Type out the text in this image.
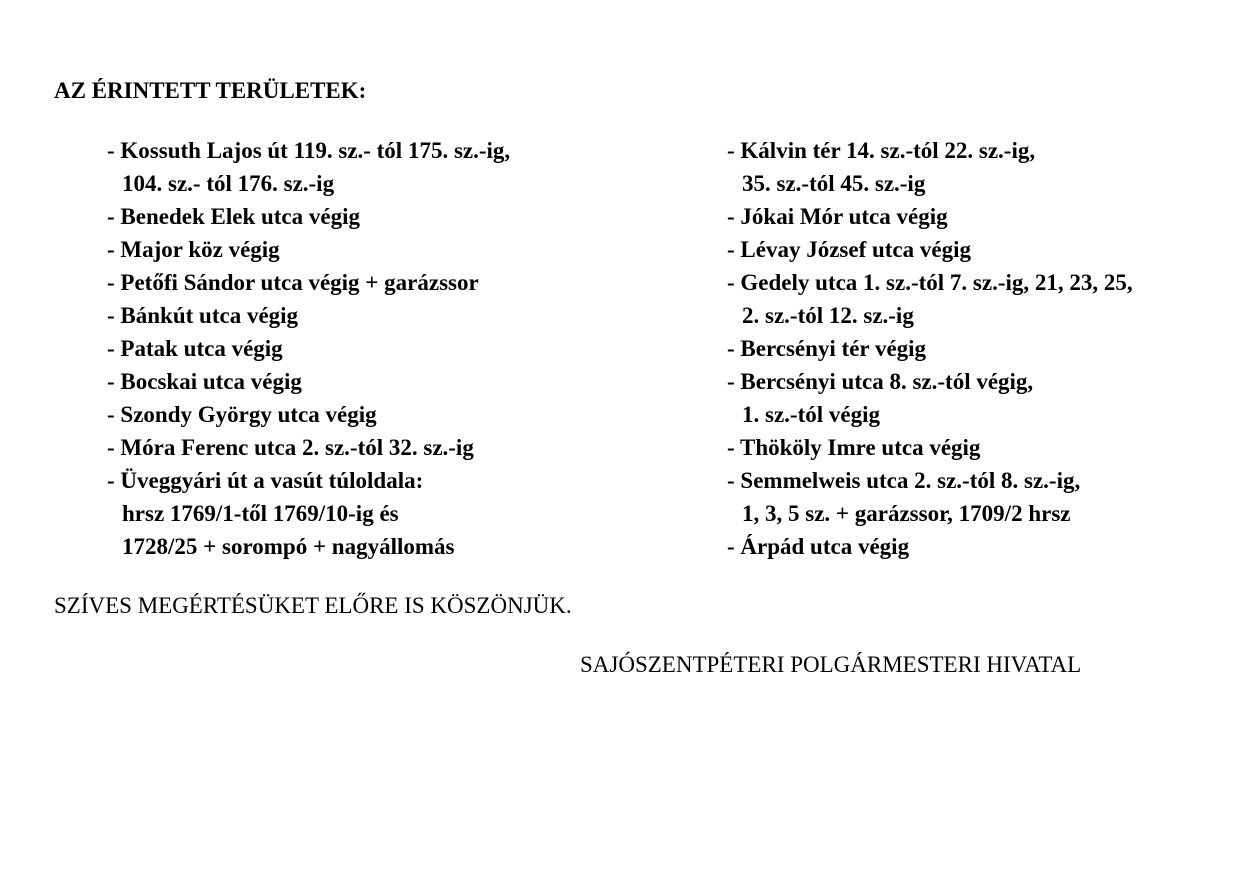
AZ ÉRINTETT TERÜLETEK:
- Kossuth Lajos út 119. sz.- tól 175. sz.-ig,
104. sz.- tól 176. sz.-ig
- Benedek Elek utca végig
- Major köz végig
- Petőfi Sándor utca végig + garázssor
- Bánkút utca végig
- Patak utca végig
- Bocskai utca végig
- Szondy György utca végig
- Móra Ferenc utca 2. sz.-tól 32. sz.-ig
- Üveggyári út a vasút túloldala:
hrsz 1769/1-től 1769/10-ig és
1728/25 + sorompó + nagyállomás
- Kálvin tér 14. sz.-tól 22. sz.-ig,
35. sz.-tól 45. sz.-ig
- Jókai Mór utca végig
- Lévay József utca végig
- Gedely utca 1. sz.-tól 7. sz.-ig, 21, 23, 25,
2. sz.-tól 12. sz.-ig
- Bercsényi tér végig
- Bercsényi utca 8. sz.-tól végig,
1. sz.-tól végig
- Thököly Imre utca végig
- Semmelweis utca 2. sz.-tól 8. sz.-ig,
1, 3, 5 sz. + garázssor, 1709/2 hrsz
- Árpád utca végig
SZÍVES MEGÉRTÉSÜKET ELŐRE IS KÖSZÖNJÜK.
SAJÓSZENTPÉTERI POLGÁRMESTERI HIVATAL
